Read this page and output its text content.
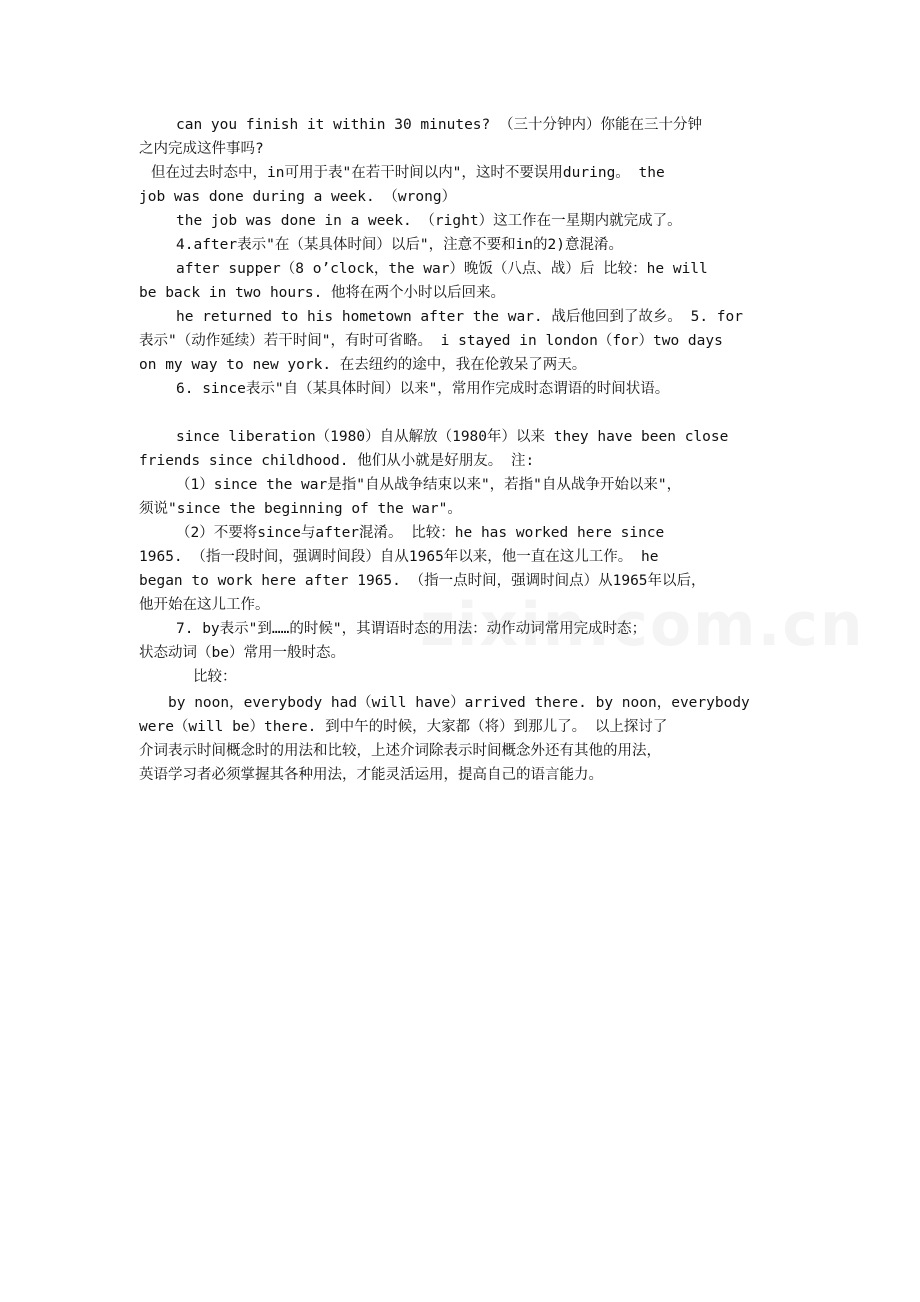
can you finish it within 30 minutes? （三十分钟内）你能在三十分钟
之内完成这件事吗?
但在过去时态中，in可用于表"在若干时间以内"，这时不要误用during。 the
job was done during a week. （wrong）
the job was done in a week. （right）这工作在一星期内就完成了。
4.after表示"在（某具体时间）以后"，注意不要和in的2)意混淆。
after supper（8 o’clock，the war）晚饭（八点、战）后 比较：he will
be back in two hours. 他将在两个小时以后回来。
he returned to his hometown after the war. 战后他回到了故乡。 5. for
表示"（动作延续）若干时间"，有时可省略。 i stayed in london（for）two days
on my way to new york. 在去纽约的途中，我在伦敦呆了两天。
6. since表示"自（某具体时间）以来"，常用作完成时态谓语的时间状语。
since liberation（1980）自从解放（1980年）以来 they have been close
friends since childhood. 他们从小就是好朋友。 注:
（1）since the war是指"自从战争结束以来"，若指"自从战争开始以来"，
须说"since the beginning of the war"。
（2）不要将since与after混淆。 比较：he has worked here since
1965. （指一段时间，强调时间段）自从1965年以来，他一直在这儿工作。 he
began to work here after 1965. （指一点时间，强调时间点）从1965年以后，
他开始在这儿工作。
7. by表示"到……的时候"，其谓语时态的用法：动作动词常用完成时态；
状态动词（be）常用一般时态。
比较：
by noon，everybody had（will have）arrived there. by noon，everybody
were（will be）there. 到中午的时候，大家都（将）到那儿了。 以上探讨了
介词表示时间概念时的用法和比较，上述介词除表示时间概念外还有其他的用法，
英语学习者必须掌握其各种用法，才能灵活运用，提高自己的语言能力。
